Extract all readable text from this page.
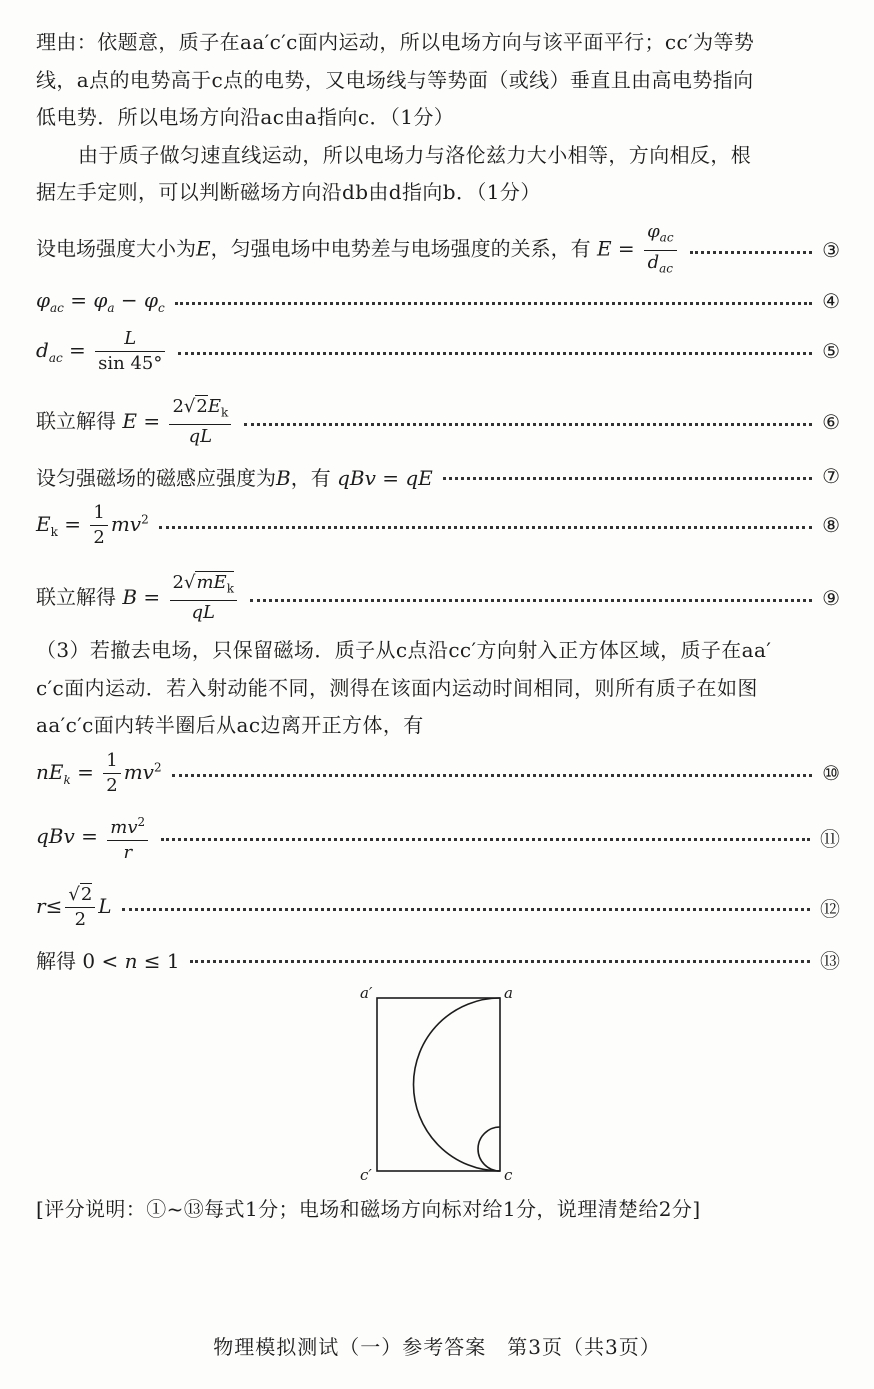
理由：依题意，质子在aa′c′c面内运动，所以电场方向与该平面平行；cc′为等势

线，a点的电势高于c点的电势，又电场线与等势面（或线）垂直且由高电势指向

低电势．所以电场方向沿ac由a指向c．（1分）

由于质子做匀速直线运动，所以电场力与洛伦兹力大小相等，方向相反，根

据左手定则，可以判断磁场方向沿db由d指向b．（1分）

设电场强度大小为E，匀强电场中电势差与电场强度的关系，有 $E = \frac{\varphi_{ac}}{d_{ac}}$	③
$\varphi_{ac} = \varphi_a - \varphi_c$	④
$d_{ac} = \frac{L}{\sin 45^\circ}$	⑤
联立解得 $E = \frac{2√2E_k}{qL}$	⑥
设匀强磁场的磁感应强度为B，有 qBv = qE	⑦
$E_k = \frac{1}{2} mv^2$	⑧
联立解得 $B = \frac{2√mE_k}{qL}$	⑨

（3）若撤去电场，只保留磁场．质子从c点沿cc′方向射入正方体区域，质子在aa′

c′c面内运动．若入射动能不同，测得在该面内运动时间相同，则所有质子在如图

aa′c′c面内转半圈后从ac边离开正方体，有

$nE_k = \frac{1}{2} mv^2$	⑩
qBv = $\frac{mv^2}{r}$	⑪
$r\le \frac{√2}{2}$ L	⑫
解得 0 < n ≤ 1	⑬
a′	a
c′	c
[评分说明：①~⑬每式1分；电场和磁场方向标对给1分，说理清楚给2分]
物理模拟测试（一）参考答案　第3页（共3页）
